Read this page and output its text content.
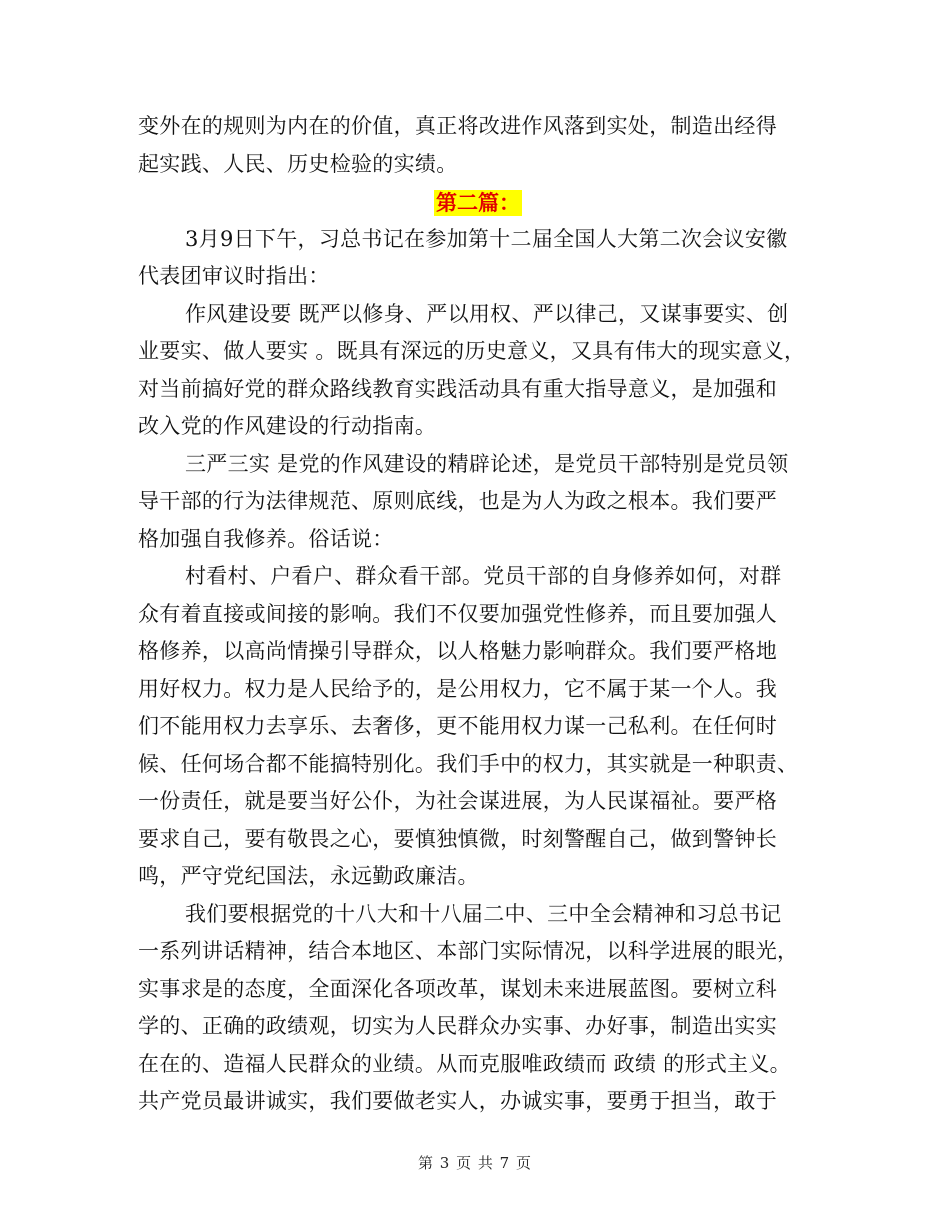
变外在的规则为内在的价值，真正将改进作风落到实处，制造出经得
起实践、人民、历史检验的实绩。
第二篇：
3月9日下午，习总书记在参加第十二届全国人大第二次会议安徽
代表团审议时指出：
作风建设要 既严以修身、严以用权、严以律己，又谋事要实、创
业要实、做人要实 。既具有深远的历史意义，又具有伟大的现实意义，
对当前搞好党的群众路线教育实践活动具有重大指导意义，是加强和
改入党的作风建设的行动指南。
三严三实 是党的作风建设的精辟论述，是党员干部特别是党员领
导干部的行为法律规范、原则底线，也是为人为政之根本。我们要严
格加强自我修养。俗话说：
村看村、户看户、群众看干部。党员干部的自身修养如何，对群
众有着直接或间接的影响。我们不仅要加强党性修养，而且要加强人
格修养，以高尚情操引导群众，以人格魅力影响群众。我们要严格地
用好权力。权力是人民给予的，是公用权力，它不属于某一个人。我
们不能用权力去享乐、去奢侈，更不能用权力谋一己私利。在任何时
候、任何场合都不能搞特别化。我们手中的权力，其实就是一种职责、
一份责任，就是要当好公仆，为社会谋进展，为人民谋福祉。要严格
要求自己，要有敬畏之心，要慎独慎微，时刻警醒自己，做到警钟长
鸣，严守党纪国法，永远勤政廉洁。
我们要根据党的十八大和十八届二中、三中全会精神和习总书记
一系列讲话精神，结合本地区、本部门实际情况，以科学进展的眼光，
实事求是的态度，全面深化各项改革，谋划未来进展蓝图。要树立科
学的、正确的政绩观，切实为人民群众办实事、办好事，制造出实实
在在的、造福人民群众的业绩。从而克服唯政绩而 政绩 的形式主义。
共产党员最讲诚实，我们要做老实人，办诚实事，要勇于担当，敢于
第 3 页 共 7 页
